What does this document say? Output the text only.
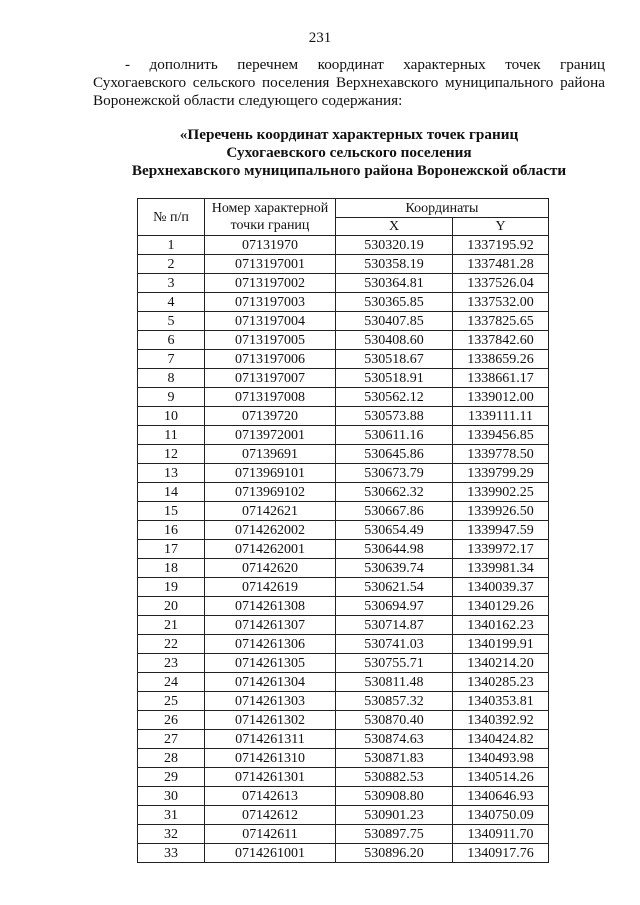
231
- дополнить перечнем координат характерных точек границ Сухогаевского сельского поселения Верхнехавского муниципального района Воронежской области следующего содержания:
«Перечень координат характерных точек границ
Сухогаевского сельского поселения
Верхнехавского муниципального района Воронежской области
№ п/п	Номер характерной точки границ	Координаты	
		X	Y
1	07131970	530320.19	1337195.92
2	0713197001	530358.19	1337481.28
3	0713197002	530364.81	1337526.04
4	0713197003	530365.85	1337532.00
5	0713197004	530407.85	1337825.65
6	0713197005	530408.60	1337842.60
7	0713197006	530518.67	1338659.26
8	0713197007	530518.91	1338661.17
9	0713197008	530562.12	1339012.00
10	07139720	530573.88	1339111.11
11	0713972001	530611.16	1339456.85
12	07139691	530645.86	1339778.50
13	0713969101	530673.79	1339799.29
14	0713969102	530662.32	1339902.25
15	07142621	530667.86	1339926.50
16	0714262002	530654.49	1339947.59
17	0714262001	530644.98	1339972.17
18	07142620	530639.74	1339981.34
19	07142619	530621.54	1340039.37
20	0714261308	530694.97	1340129.26
21	0714261307	530714.87	1340162.23
22	0714261306	530741.03	1340199.91
23	0714261305	530755.71	1340214.20
24	0714261304	530811.48	1340285.23
25	0714261303	530857.32	1340353.81
26	0714261302	530870.40	1340392.92
27	0714261311	530874.63	1340424.82
28	0714261310	530871.83	1340493.98
29	0714261301	530882.53	1340514.26
30	07142613	530908.80	1340646.93
31	07142612	530901.23	1340750.09
32	07142611	530897.75	1340911.70
33	0714261001	530896.20	1340917.76
